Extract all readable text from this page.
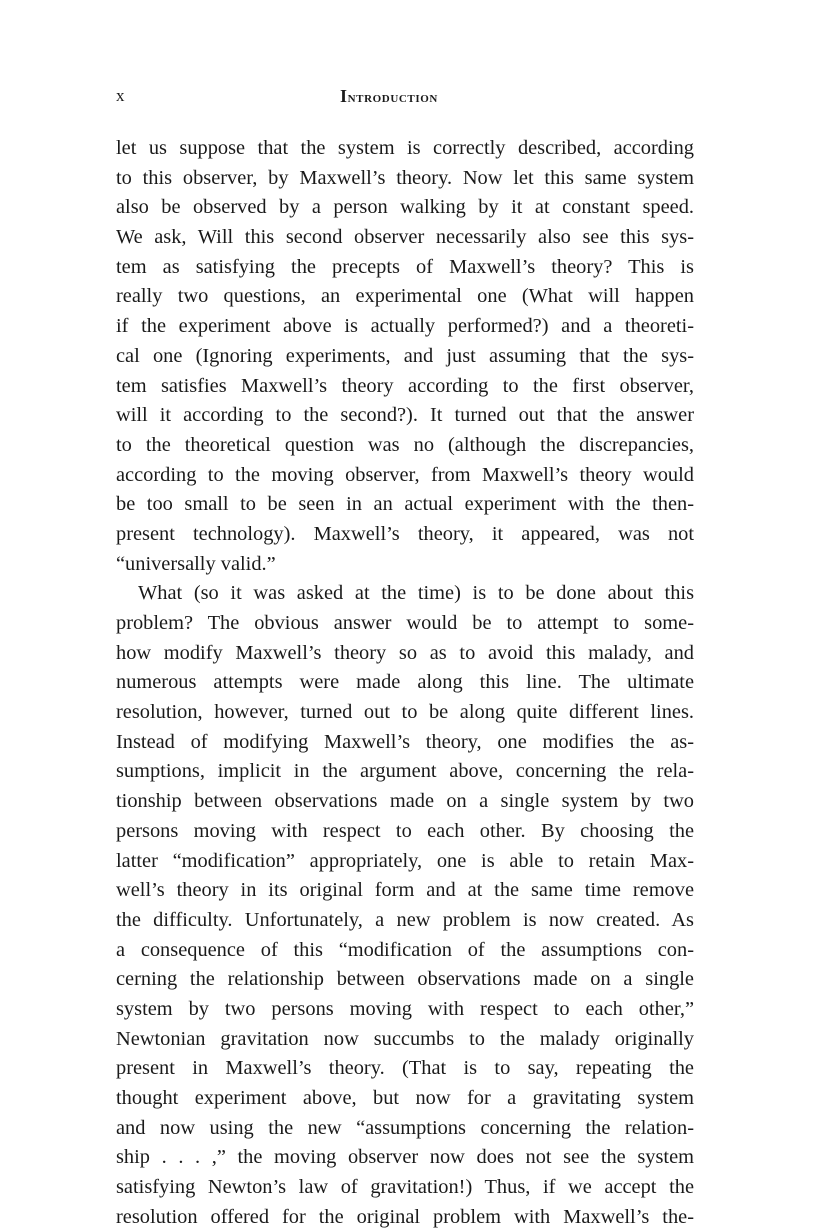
x	Introduction
let us suppose that the system is correctly described, according
to this observer, by Maxwell’s theory. Now let this same system
also be observed by a person walking by it at constant speed.
We ask, Will this second observer necessarily also see this sys-
tem as satisfying the precepts of Maxwell’s theory? This is
really two questions, an experimental one (What will happen
if the experiment above is actually performed?) and a theoreti-
cal one (Ignoring experiments, and just assuming that the sys-
tem satisfies Maxwell’s theory according to the first observer,
will it according to the second?). It turned out that the answer
to the theoretical question was no (although the discrepancies,
according to the moving observer, from Maxwell’s theory would
be too small to be seen in an actual experiment with the then-
present technology). Maxwell’s theory, it appeared, was not
“universally valid.”
What (so it was asked at the time) is to be done about this
problem? The obvious answer would be to attempt to some-
how modify Maxwell’s theory so as to avoid this malady, and
numerous attempts were made along this line. The ultimate
resolution, however, turned out to be along quite different lines.
Instead of modifying Maxwell’s theory, one modifies the as-
sumptions, implicit in the argument above, concerning the rela-
tionship between observations made on a single system by two
persons moving with respect to each other. By choosing the
latter “modification” appropriately, one is able to retain Max-
well’s theory in its original form and at the same time remove
the difficulty. Unfortunately, a new problem is now created. As
a consequence of this “modification of the assumptions con-
cerning the relationship between observations made on a single
system by two persons moving with respect to each other,”
Newtonian gravitation now succumbs to the malady originally
present in Maxwell’s theory. (That is to say, repeating the
thought experiment above, but now for a gravitating system
and now using the new “assumptions concerning the relation-
ship . . . ,” the moving observer now does not see the system
satisfying Newton’s law of gravitation!) Thus, if we accept the
resolution offered for the original problem with Maxwell’s the-
